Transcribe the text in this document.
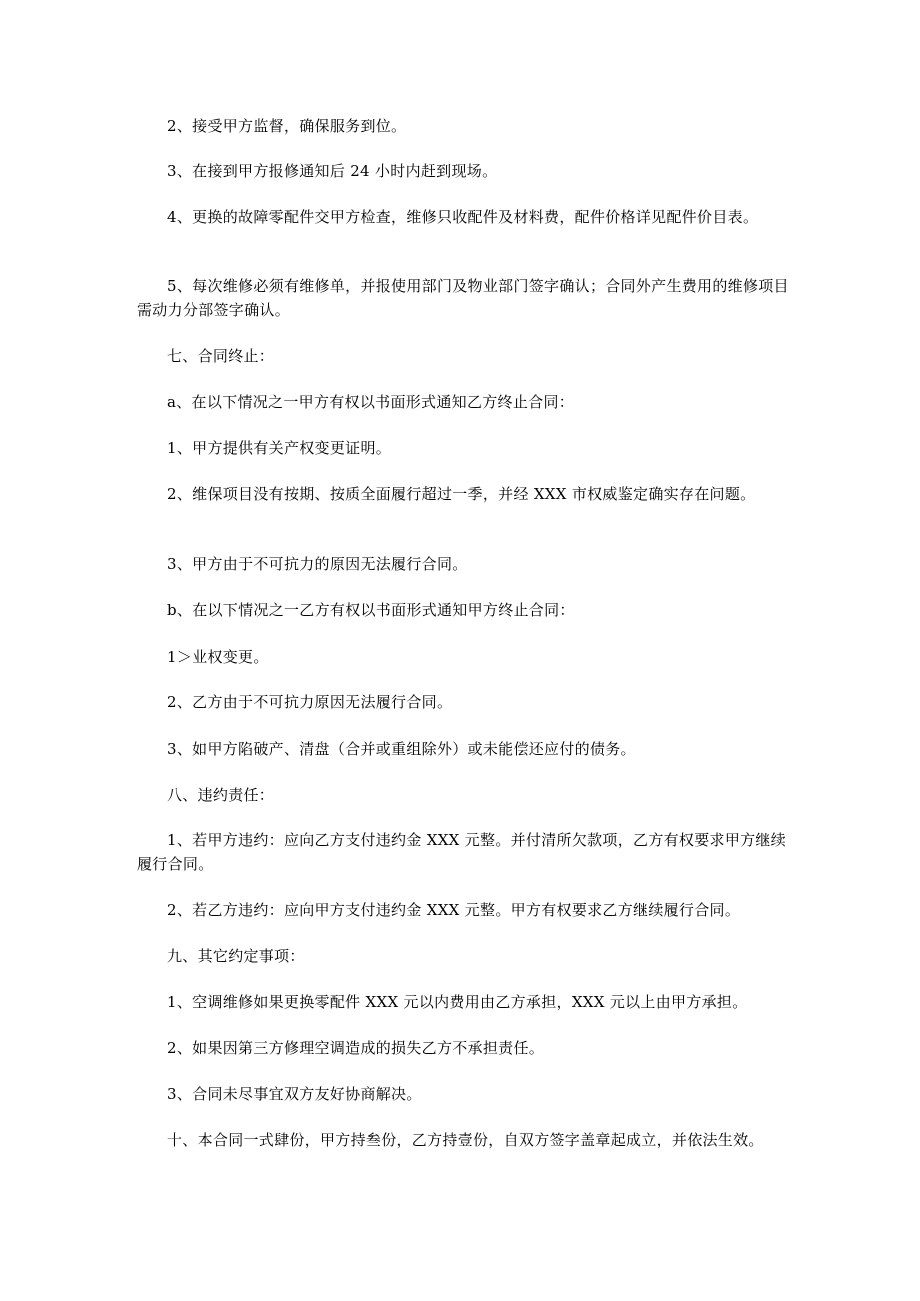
2、接受甲方监督，确保服务到位。

3、在接到甲方报修通知后 24 小时内赶到现场。

4、更换的故障零配件交甲方检查，维修只收配件及材料费，配件价格详见配件价目表。

5、每次维修必须有维修单，并报使用部门及物业部门签字确认；合同外产生费用的维修项目需动力分部签字确认。

七、合同终止：

a、在以下情况之一甲方有权以书面形式通知乙方终止合同：

1、甲方提供有关产权变更证明。

2、维保项目没有按期、按质全面履行超过一季，并经 XXX 市权威鉴定确实存在问题。

3、甲方由于不可抗力的原因无法履行合同。

b、在以下情况之一乙方有权以书面形式通知甲方终止合同：

1＞业权变更。

2、乙方由于不可抗力原因无法履行合同。

3、如甲方陷破产、清盘（合并或重组除外）或未能偿还应付的债务。

八、违约责任：

1、若甲方违约：应向乙方支付违约金 XXX 元整。并付清所欠款项，乙方有权要求甲方继续履行合同。

2、若乙方违约：应向甲方支付违约金 XXX 元整。甲方有权要求乙方继续履行合同。

九、其它约定事项：

1、空调维修如果更换零配件 XXX 元以内费用由乙方承担，XXX 元以上由甲方承担。

2、如果因第三方修理空调造成的损失乙方不承担责任。

3、合同未尽事宜双方友好协商解决。

十、本合同一式肆份，甲方持叁份，乙方持壹份，自双方签字盖章起成立，并依法生效。
